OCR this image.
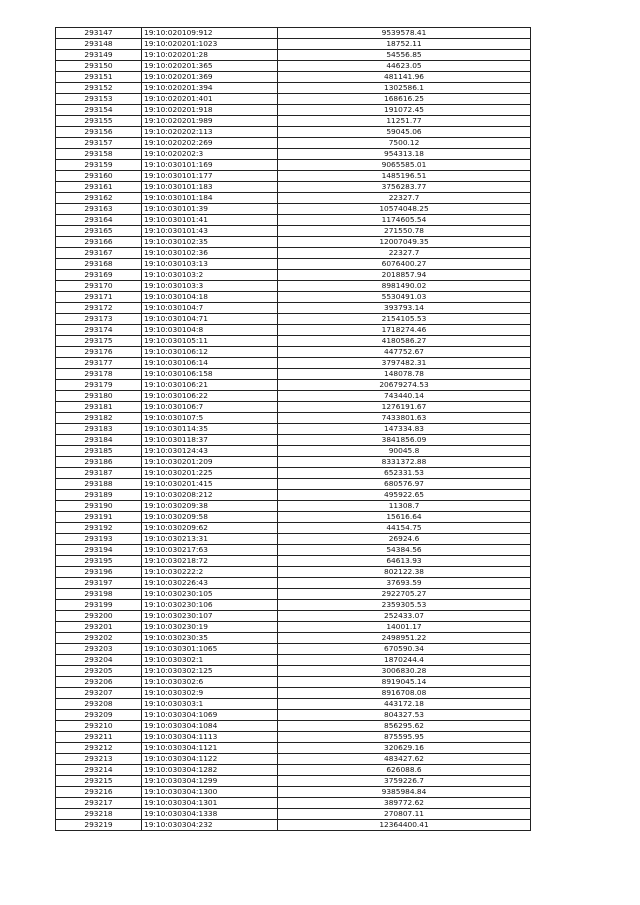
293147	19:10:020109:912	9539578.41
293148	19:10:020201:1023	18752.11
293149	19:10:020201:28	54556.85
293150	19:10:020201:365	44623.05
293151	19:10:020201:369	481141.96
293152	19:10:020201:394	1302586.1
293153	19:10:020201:401	168616.25
293154	19:10:020201:918	191072.45
293155	19:10:020201:989	11251.77
293156	19:10:020202:113	59045.06
293157	19:10:020202:269	7500.12
293158	19:10:020202:3	954313.18
293159	19:10:030101:169	9065585.01
293160	19:10:030101:177	1485196.51
293161	19:10:030101:183	3756283.77
293162	19:10:030101:184	22327.7
293163	19:10:030101:39	10574048.25
293164	19:10:030101:41	1174605.54
293165	19:10:030101:43	271550.78
293166	19:10:030102:35	12007049.35
293167	19:10:030102:36	22327.7
293168	19:10:030103:13	6076400.27
293169	19:10:030103:2	2018857.94
293170	19:10:030103:3	8981490.02
293171	19:10:030104:18	5530491.03
293172	19:10:030104:7	393793.14
293173	19:10:030104:71	2154105.53
293174	19:10:030104:8	1718274.46
293175	19:10:030105:11	4180586.27
293176	19:10:030106:12	447752.67
293177	19:10:030106:14	3797482.31
293178	19:10:030106:158	148078.78
293179	19:10:030106:21	20679274.53
293180	19:10:030106:22	743440.14
293181	19:10:030106:7	1276191.67
293182	19:10:030107:5	7433801.63
293183	19:10:030114:35	147334.83
293184	19:10:030118:37	3841856.09
293185	19:10:030124:43	90045.8
293186	19:10:030201:209	8331372.88
293187	19:10:030201:225	652331.53
293188	19:10:030201:415	680576.97
293189	19:10:030208:212	495922.65
293190	19:10:030209:38	11308.7
293191	19:10:030209:58	15616.64
293192	19:10:030209:62	44154.75
293193	19:10:030213:31	26924.6
293194	19:10:030217:63	54384.56
293195	19:10:030218:72	64613.93
293196	19:10:030222:2	802122.38
293197	19:10:030226:43	37693.59
293198	19:10:030230:105	2922705.27
293199	19:10:030230:106	2359305.53
293200	19:10:030230:107	252433.07
293201	19:10:030230:19	14001.17
293202	19:10:030230:35	2498951.22
293203	19:10:030301:1065	670590.34
293204	19:10:030302:1	1870244.4
293205	19:10:030302:125	3006830.28
293206	19:10:030302:6	8919045.14
293207	19:10:030302:9	8916708.08
293208	19:10:030303:1	443172.18
293209	19:10:030304:1069	804327.53
293210	19:10:030304:1084	856295.62
293211	19:10:030304:1113	875595.95
293212	19:10:030304:1121	320629.16
293213	19:10:030304:1122	483427.62
293214	19:10:030304:1282	626088.6
293215	19:10:030304:1299	3759226.7
293216	19:10:030304:1300	9385984.84
293217	19:10:030304:1301	389772.62
293218	19:10:030304:1338	270807.11
293219	19:10:030304:232	12364400.41
